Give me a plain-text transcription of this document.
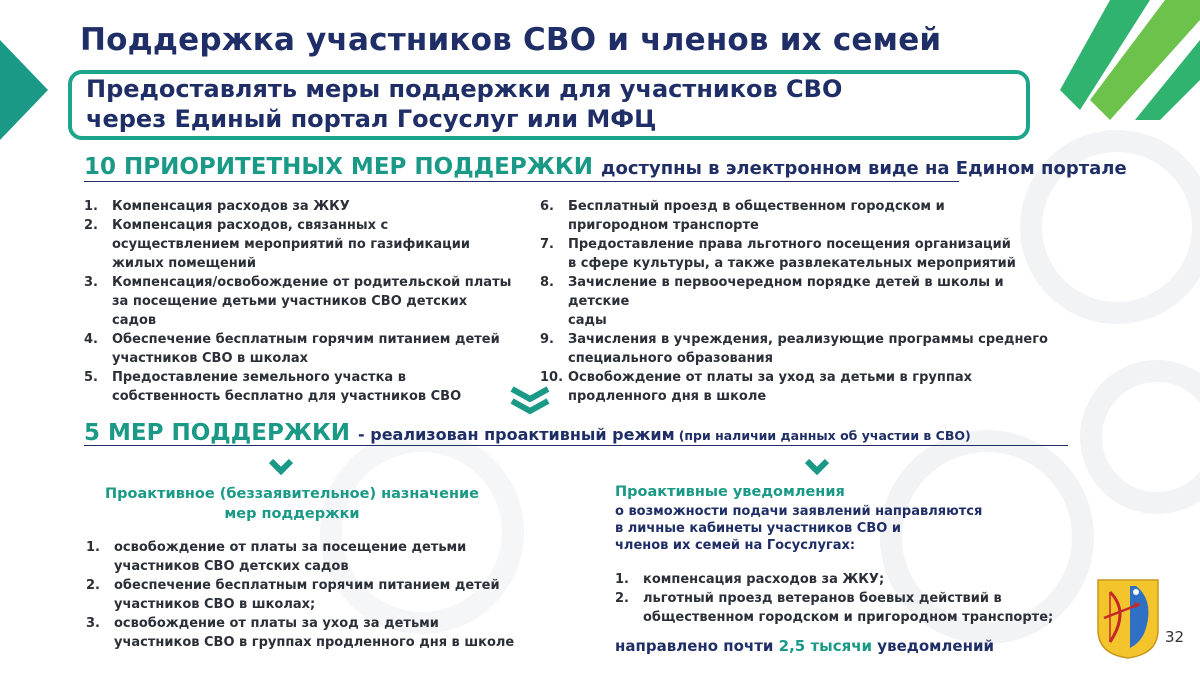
Поддержка участников СВО и членов их семей
Предоставлять меры поддержки для участников СВО
через Единый портал Госуслуг или МФЦ
10 ПРИОРИТЕТНЫХ МЕР ПОДДЕРЖКИ доступны в электронном виде на Едином портале
1. Компенсация расходов за ЖКУ
2. Компенсация расходов, связанных с
осуществлением мероприятий по газификации
жилых помещений
3. Компенсация/освобождение от родительской платы
за посещение детьми участников СВО детских садов
4. Обеспечение бесплатным горячим питанием детей
участников СВО в школах
5. Предоставление земельного участка в
собственность бесплатно для участников СВО
6. Бесплатный проезд в общественном городском и
пригородном транспорте
7. Предоставление права льготного посещения организаций
в сфере культуры, а также развлекательных мероприятий
8. Зачисление в первоочередном порядке детей в школы и детские
сады
9. Зачисления в учреждения, реализующие программы среднего
специального образования
10. Освобождение от платы за уход за детьми в группах
продленного дня в школе
5 МЕР ПОДДЕРЖКИ - реализован проактивный режим (при наличии данных об участии в СВО)
Проактивное (беззаявительное) назначение
мер поддержки
Проактивные уведомления
о возможности подачи заявлений направляются
в личные кабинеты участников СВО и
членов их семей на Госуслугах:
1. освобождение от платы за посещение детьми
участников СВО детских садов
2. обеспечение бесплатным горячим питанием детей
участников СВО в школах;
3. освобождение от платы за уход за детьми
участников СВО в группах продленного дня в школе
1. компенсация расходов за ЖКУ;
2. льготный проезд ветеранов боевых действий в
общественном городском и пригородном транспорте;
направлено почти 2,5 тысячи уведомлений	32
